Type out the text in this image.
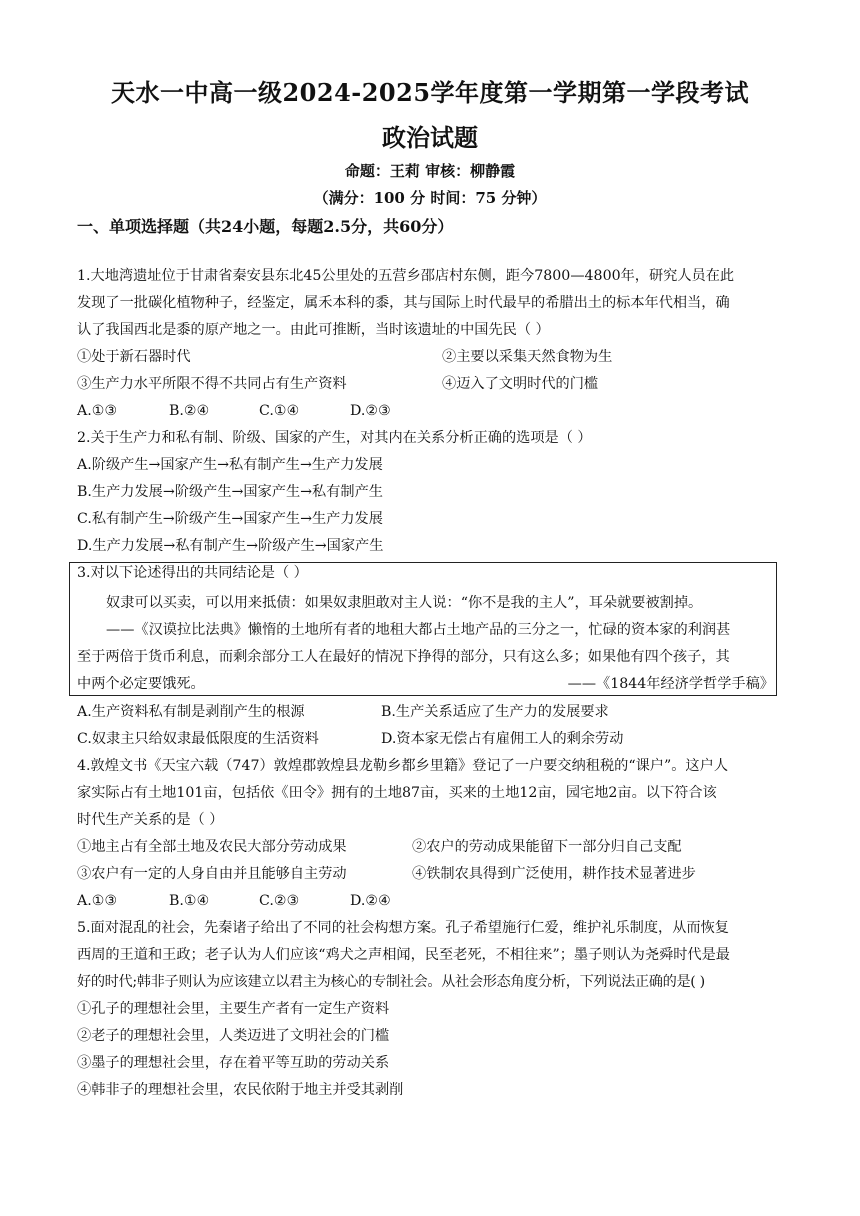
天水一中高一级2024-2025学年度第一学期第一学段考试
政治试题
命题：王莉 审核：柳静霞
（满分：100 分 时间：75 分钟）
一、单项选择题（共24小题，每题2.5分，共60分）
1.大地湾遗址位于甘肃省秦安县东北45公里处的五营乡邵店村东侧，距今7800—4800年，研究人员在此
发现了一批碳化植物种子，经鉴定，属禾本科的黍，其与国际上时代最早的希腊出土的标本年代相当，确
认了我国西北是黍的原产地之一。由此可推断，当时该遗址的中国先民（ ）
①处于新石器时代	②主要以采集天然食物为生
③生产力水平所限不得不共同占有生产资料	④迈入了文明时代的门槛
A.①③	B.②④	C.①④	D.②③
2.关于生产力和私有制、阶级、国家的产生，对其内在关系分析正确的选项是（ ）
A.阶级产生→国家产生→私有制产生→生产力发展
B.生产力发展→阶级产生→国家产生→私有制产生
C.私有制产生→阶级产生→国家产生→生产力发展
D.生产力发展→私有制产生→阶级产生→国家产生
3.对以下论述得出的共同结论是（ ）
奴隶可以买卖，可以用来抵债：如果奴隶胆敢对主人说：“你不是我的主人”，耳朵就要被割掉。
——《汉谟拉比法典》懒惰的土地所有者的地租大都占土地产品的三分之一，忙碌的资本家的利润甚
至于两倍于货币利息，而剩余部分工人在最好的情况下挣得的部分，只有这么多；如果他有四个孩子，其
中两个必定要饿死。	——《1844年经济学哲学手稿》
A.生产资料私有制是剥削产生的根源	B.生产关系适应了生产力的发展要求
C.奴隶主只给奴隶最低限度的生活资料	D.资本家无偿占有雇佣工人的剩余劳动
4.敦煌文书《天宝六载（747）敦煌郡敦煌县龙勒乡都乡里籍》登记了一户要交纳租税的“课户”。这户人
家实际占有土地101亩，包括依《田令》拥有的土地87亩，买来的土地12亩，园宅地2亩。以下符合该
时代生产关系的是（ ）
①地主占有全部土地及农民大部分劳动成果	②农户的劳动成果能留下一部分归自己支配
③农户有一定的人身自由并且能够自主劳动	④铁制农具得到广泛使用，耕作技术显著进步
A.①③	B.①④	C.②③	D.②④
5.面对混乱的社会，先秦诸子给出了不同的社会构想方案。孔子希望施行仁爱，维护礼乐制度，从而恢复
西周的王道和王政；老子认为人们应该“鸡犬之声相闻，民至老死，不相往来”；墨子则认为尧舜时代是最
好的时代;韩非子则认为应该建立以君主为核心的专制社会。从社会形态角度分析，下列说法正确的是( )
①孔子的理想社会里，主要生产者有一定生产资料
②老子的理想社会里，人类迈进了文明社会的门槛
③墨子的理想社会里，存在着平等互助的劳动关系
④韩非子的理想社会里，农民依附于地主并受其剥削
